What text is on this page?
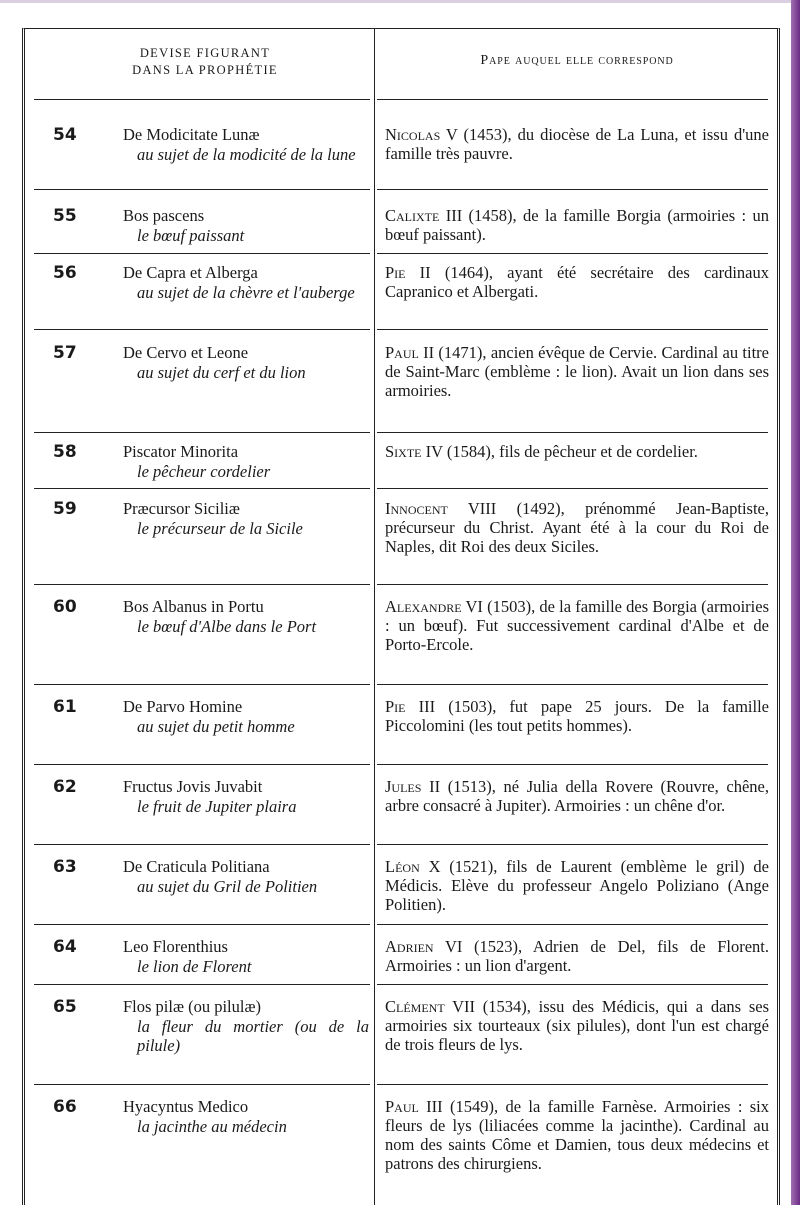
DEVISE FIGURANT
DANS LA PROPHÉTIE
Pape auquel elle correspond
54	De Modicitate Lunæ
au sujet de la modicité de la lune
Nicolas V (1453), du diocèse de La Luna, et issu d'une famille très pauvre.
55	Bos pascens
le bœuf paissant
Calixte III (1458), de la famille Borgia (armoiries : un bœuf paissant).
56	De Capra et Alberga
au sujet de la chèvre et l'auberge
Pie II (1464), ayant été secrétaire des cardinaux Capranico et Albergati.
57	De Cervo et Leone
au sujet du cerf et du lion
Paul II (1471), ancien évêque de Cervie. Cardinal au titre de Saint-Marc (emblème : le lion). Avait un lion dans ses armoiries.
58	Piscator Minorita
le pêcheur cordelier
Sixte IV (1584), fils de pêcheur et de cordelier.
59	Præcursor Siciliæ
le précurseur de la Sicile
Innocent VIII (1492), prénommé Jean-Baptiste, précurseur du Christ. Ayant été à la cour du Roi de Naples, dit Roi des deux Siciles.
60	Bos Albanus in Portu
le bœuf d'Albe dans le Port
Alexandre VI (1503), de la famille des Borgia (armoiries : un bœuf). Fut successivement cardinal d'Albe et de Porto-Ercole.
61	De Parvo Homine
au sujet du petit homme
Pie III (1503), fut pape 25 jours. De la famille Piccolomini (les tout petits hommes).
62	Fructus Jovis Juvabit
le fruit de Jupiter plaira
Jules II (1513), né Julia della Rovere (Rouvre, chêne, arbre consacré à Jupiter). Armoiries : un chêne d'or.
63	De Craticula Politiana
au sujet du Gril de Politien
Léon X (1521), fils de Laurent (emblème le gril) de Médicis. Elève du professeur Angelo Poliziano (Ange Politien).
64	Leo Florenthius
le lion de Florent
Adrien VI (1523), Adrien de Del, fils de Florent. Armoiries : un lion d'argent.
65	Flos pilæ (ou pilulæ)
la fleur du mortier (ou de la pilule)
Clément VII (1534), issu des Médicis, qui a dans ses armoiries six tourteaux (six pilules), dont l'un est chargé de trois fleurs de lys.
66	Hyacyntus Medico
la jacinthe au médecin
Paul III (1549), de la famille Farnèse. Armoiries : six fleurs de lys (liliacées comme la jacinthe). Cardinal au nom des saints Côme et Damien, tous deux médecins et patrons des chirurgiens.
